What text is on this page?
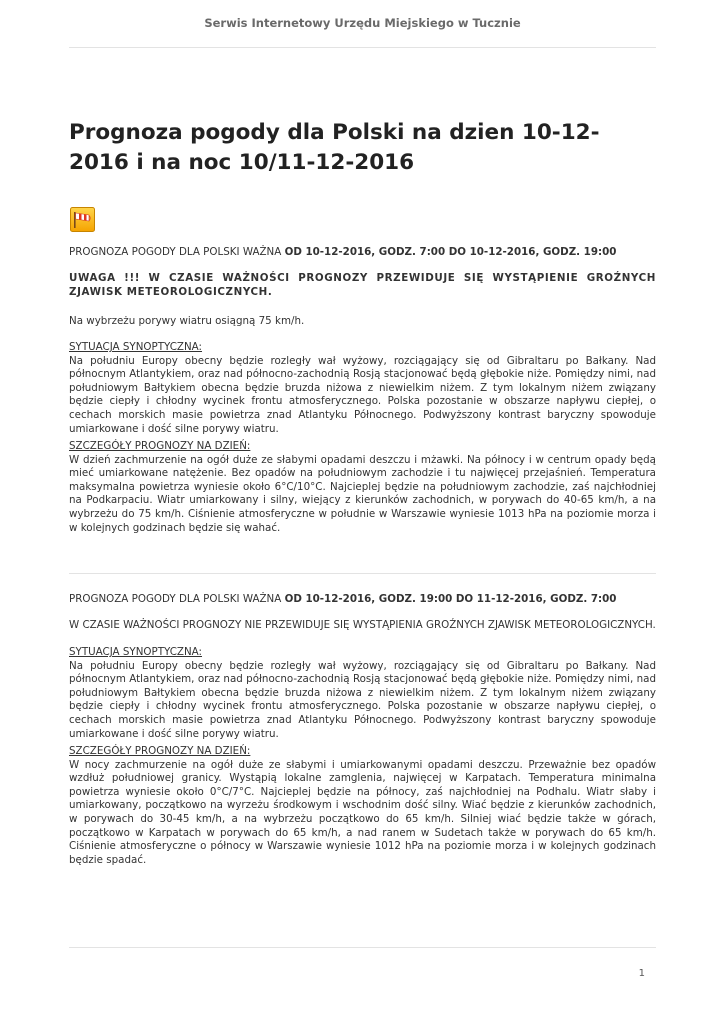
Serwis Internetowy Urzędu Miejskiego w Tucznie
Prognoza pogody dla Polski na dzien 10-12-2016 i na noc 10/11-12-2016

PROGNOZA POGODY DLA POLSKI WAŻNA OD 10-12-2016, GODZ. 7:00 DO 10-12-2016, GODZ. 19:00

UWAGA !!! W CZASIE WAŻNOŚCI PROGNOZY PRZEWIDUJE SIĘ WYSTĄPIENIE GROŹNYCH ZJAWISK METEOROLOGICZNYCH.

Na wybrzeżu porywy wiatru osiągną 75 km/h.

SYTUACJA SYNOPTYCZNA:

Na południu Europy obecny będzie rozległy wał wyżowy, rozciągający się od Gibraltaru po Bałkany. Nad północnym Atlantykiem, oraz nad północno-zachodnią Rosją stacjonować będą głębokie niże. Pomiędzy nimi, nad południowym Bałtykiem obecna będzie bruzda niżowa z niewielkim niżem. Z tym lokalnym niżem związany będzie ciepły i chłodny wycinek frontu atmosferycznego. Polska pozostanie w obszarze napływu ciepłej, o cechach morskich masie powietrza znad Atlantyku Północnego. Podwyższony kontrast baryczny spowoduje umiarkowane i dość silne porywy wiatru.

SZCZEGÓŁY PROGNOZY NA DZIEŃ:

W dzień zachmurzenie na ogół duże ze słabymi opadami deszczu i mżawki. Na północy i w centrum opady będą mieć umiarkowane natężenie. Bez opadów na południowym zachodzie i tu najwięcej przejaśnień. Temperatura maksymalna powietrza wyniesie około 6°C/10°C. Najcieplej będzie na południowym zachodzie, zaś najchłodniej na Podkarpaciu. Wiatr umiarkowany i silny, wiejący z kierunków zachodnich, w porywach do 40-65 km/h, a na wybrzeżu do 75 km/h. Ciśnienie atmosferyczne w południe w Warszawie wyniesie 1013 hPa na poziomie morza i w kolejnych godzinach będzie się wahać.

PROGNOZA POGODY DLA POLSKI WAŻNA OD 10-12-2016, GODZ. 19:00 DO 11-12-2016, GODZ. 7:00

W CZASIE WAŻNOŚCI PROGNOZY NIE PRZEWIDUJE SIĘ WYSTĄPIENIA GROŹNYCH ZJAWISK METEOROLOGICZNYCH.

SYTUACJA SYNOPTYCZNA:

Na południu Europy obecny będzie rozległy wał wyżowy, rozciągający się od Gibraltaru po Bałkany. Nad północnym Atlantykiem, oraz nad północno-zachodnią Rosją stacjonować będą głębokie niże. Pomiędzy nimi, nad południowym Bałtykiem obecna będzie bruzda niżowa z niewielkim niżem. Z tym lokalnym niżem związany będzie ciepły i chłodny wycinek frontu atmosferycznego. Polska pozostanie w obszarze napływu ciepłej, o cechach morskich masie powietrza znad Atlantyku Północnego. Podwyższony kontrast baryczny spowoduje umiarkowane i dość silne porywy wiatru.

SZCZEGÓŁY PROGNOZY NA DZIEŃ:

W nocy zachmurzenie na ogół duże ze słabymi i umiarkowanymi opadami deszczu. Przeważnie bez opadów wzdłuż południowej granicy. Wystąpią lokalne zamglenia, najwięcej w Karpatach. Temperatura minimalna powietrza wyniesie około 0°C/7°C. Najcieplej będzie na północy, zaś najchłodniej na Podhalu. Wiatr słaby i umiarkowany, początkowo na wyrzeżu środkowym i wschodnim dość silny. Wiać będzie z kierunków zachodnich, w porywach do 30-45 km/h, a na wybrzeżu początkowo do 65 km/h. Silniej wiać będzie także w górach, początkowo w Karpatach w porywach do 65 km/h, a nad ranem w Sudetach także w porywach do 65 km/h. Ciśnienie atmosferyczne o północy w Warszawie wyniesie 1012 hPa na poziomie morza i w kolejnych godzinach będzie spadać.

1
